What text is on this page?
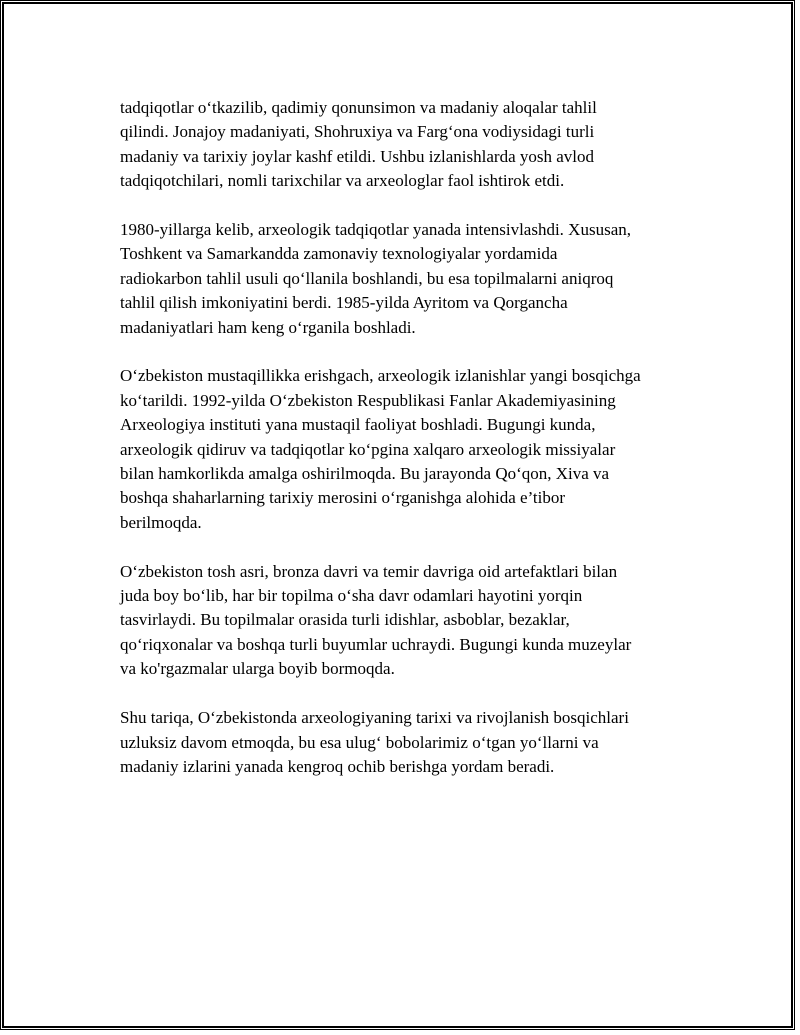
tadqiqotlar o‘tkazilib, qadimiy qonunsimon va madaniy aloqalar tahlil
qilindi. Jonajoy madaniyati, Shohruxiya va Farg‘ona vodiysidagi turli
madaniy va tarixiy joylar kashf etildi. Ushbu izlanishlarda yosh avlod
tadqiqotchilari, nomli tarixchilar va arxeologlar faol ishtirok etdi.

1980-yillarga kelib, arxeologik tadqiqotlar yanada intensivlashdi. Xususan,
Toshkent va Samarkandda zamonaviy texnologiyalar yordamida
radiokarbon tahlil usuli qo‘llanila boshlandi, bu esa topilmalarni aniqroq
tahlil qilish imkoniyatini berdi. 1985-yilda Ayritom va Qorgancha
madaniyatlari ham keng o‘rganila boshladi.

O‘zbekiston mustaqillikka erishgach, arxeologik izlanishlar yangi bosqichga
ko‘tarildi. 1992-yilda O‘zbekiston Respublikasi Fanlar Akademiyasining
Arxeologiya instituti yana mustaqil faoliyat boshladi. Bugungi kunda,
arxeologik qidiruv va tadqiqotlar ko‘pgina xalqaro arxeologik missiyalar
bilan hamkorlikda amalga oshirilmoqda. Bu jarayonda Qo‘qon, Xiva va
boshqa shaharlarning tarixiy merosini o‘rganishga alohida e’tibor
berilmoqda.

O‘zbekiston tosh asri, bronza davri va temir davriga oid artefaktlari bilan
juda boy bo‘lib, har bir topilma o‘sha davr odamlari hayotini yorqin
tasvirlaydi. Bu topilmalar orasida turli idishlar, asboblar, bezaklar,
qo‘riqxonalar va boshqa turli buyumlar uchraydi. Bugungi kunda muzeylar
va ko'rgazmalar ularga boyib bormoqda.

Shu tariqa, O‘zbekistonda arxeologiyaning tarixi va rivojlanish bosqichlari
uzluksiz davom etmoqda, bu esa ulug‘ bobolarimiz o‘tgan yo‘llarni va
madaniy izlarini yanada kengroq ochib berishga yordam beradi.
